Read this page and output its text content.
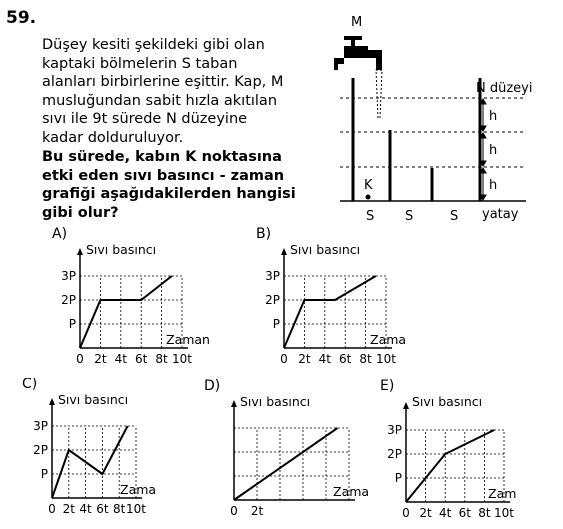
59.
Düşey kesiti şekildeki gibi olan
kaptaki bölmelerin S taban
alanları birbirlerine eşittir. Kap, M
musluğundan sabit hızla akıtılan
sıvı ile 9t sürede N düzeyine
kadar dolduruluyor.
Bu sürede, kabın K noktasına
etki eden sıvı basıncı - zaman
grafiği aşağıdakilerden hangisi
gibi olur?
M
h
h
h
N düzeyi
K
S S	S yatay
A)
Sıvı basıncı
Zaman
P
2P
3P
0 2t 4t 6t 8t 10t
B)
Sıvı basıncı
Zama
P
2P
3P
0 2t 4t 6t 8t 10t
C)
Sıvı basıncı
Zama
P
2P
3P
0 2t 4t 6t 8t 10t
D)
Sıvı basıncı
Zama
0 2t
E)
Sıvı basıncı
Zam
P
2P
3P
0 2t 4t 6t 8t 10t
